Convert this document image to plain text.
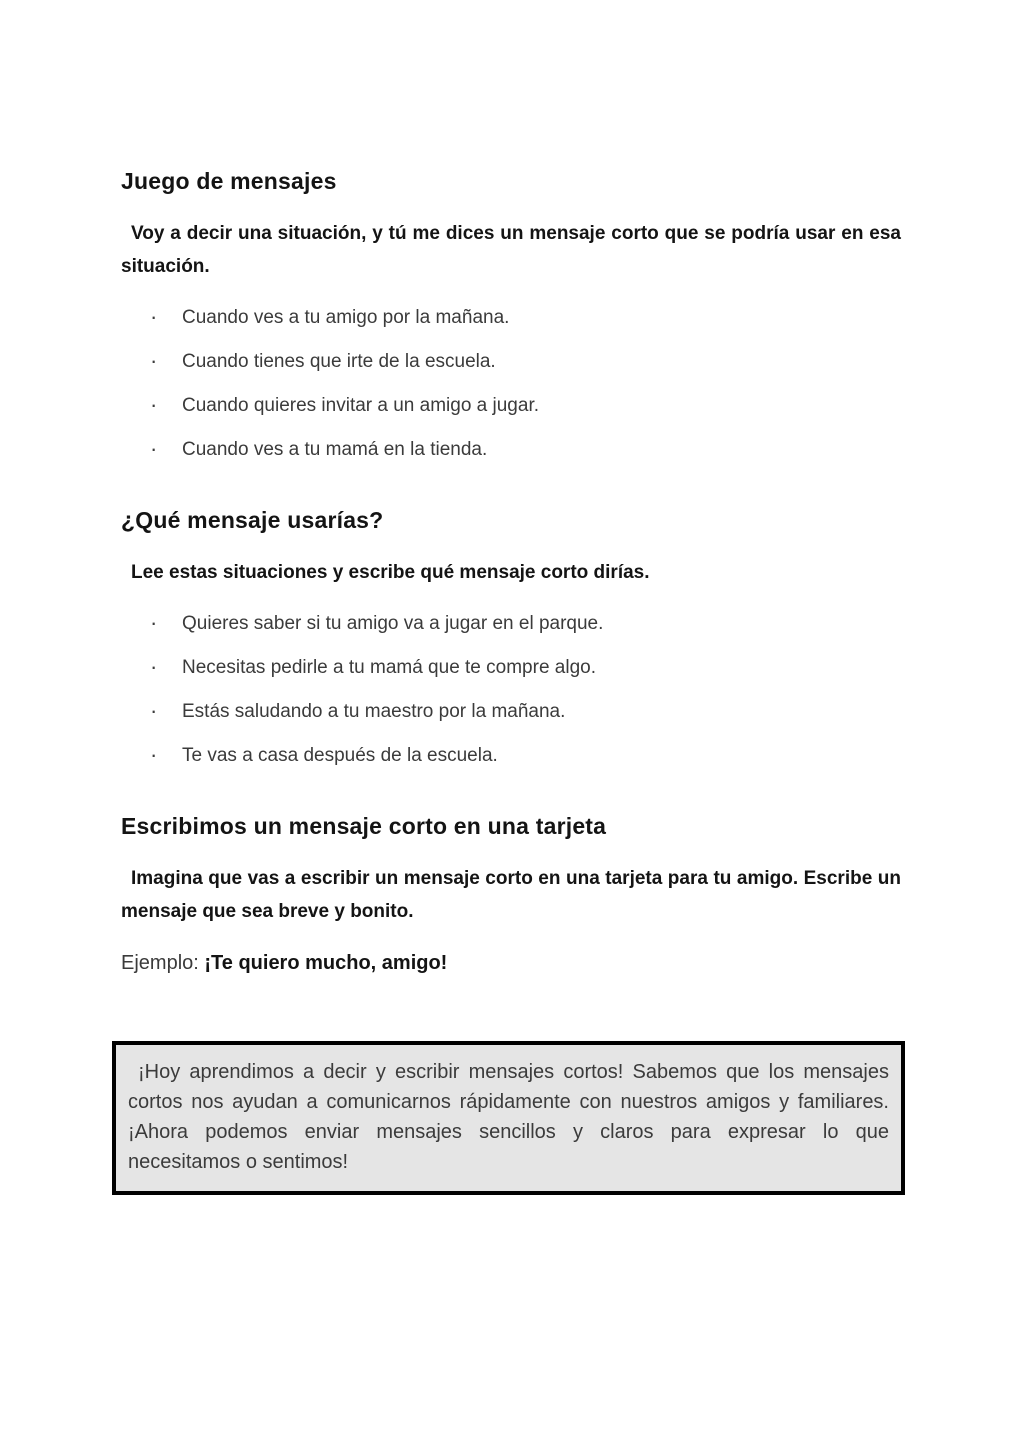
Juego de mensajes

Voy a decir una situación, y tú me dices un mensaje corto que se podría usar en esa situación.

· Cuando ves a tu amigo por la mañana.
· Cuando tienes que irte de la escuela.
· Cuando quieres invitar a un amigo a jugar.
· Cuando ves a tu mamá en la tienda.
¿Qué mensaje usarías?

Lee estas situaciones y escribe qué mensaje corto dirías.

· Quieres saber si tu amigo va a jugar en el parque.
· Necesitas pedirle a tu mamá que te compre algo.
· Estás saludando a tu maestro por la mañana.
· Te vas a casa después de la escuela.
Escribimos un mensaje corto en una tarjeta

Imagina que vas a escribir un mensaje corto en una tarjeta para tu amigo. Escribe un mensaje que sea breve y bonito.

Ejemplo: ¡Te quiero mucho, amigo!

¡Hoy aprendimos a decir y escribir mensajes cortos! Sabemos que los mensajes cortos nos ayudan a comunicarnos rápidamente con nuestros amigos y familiares. ¡Ahora podemos enviar mensajes sencillos y claros para expresar lo que necesitamos o sentimos!
